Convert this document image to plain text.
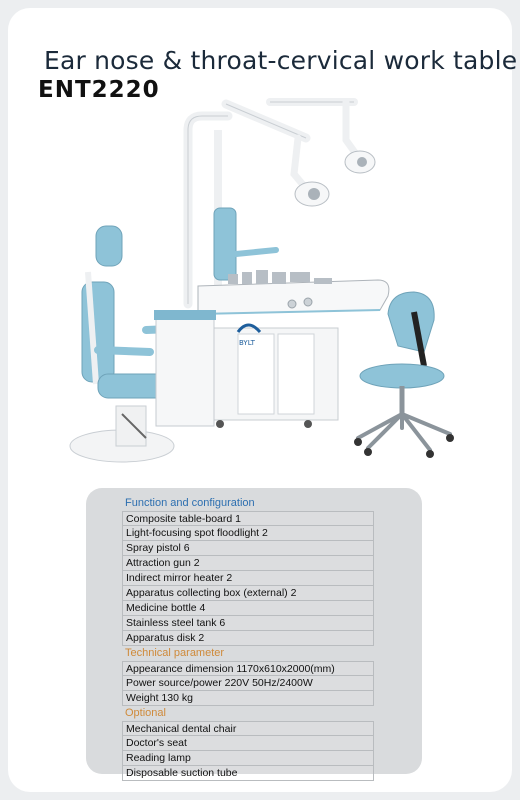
Ear nose & throat-cervical work table
ENT2220
BYLT
Function and configuration
Composite table-board 1
Light-focusing spot floodlight 2
Spray pistol 6
Attraction gun 2
Indirect mirror heater 2
Apparatus collecting box (external) 2
Medicine bottle 4
Stainless steel tank 6
Apparatus disk 2
Technical parameter
Appearance dimension 1170x610x2000(mm)
Power source/power 220V 50Hz/2400W
Weight 130 kg
Optional
Mechanical dental chair
Doctor's seat
Reading lamp
Disposable suction tube
